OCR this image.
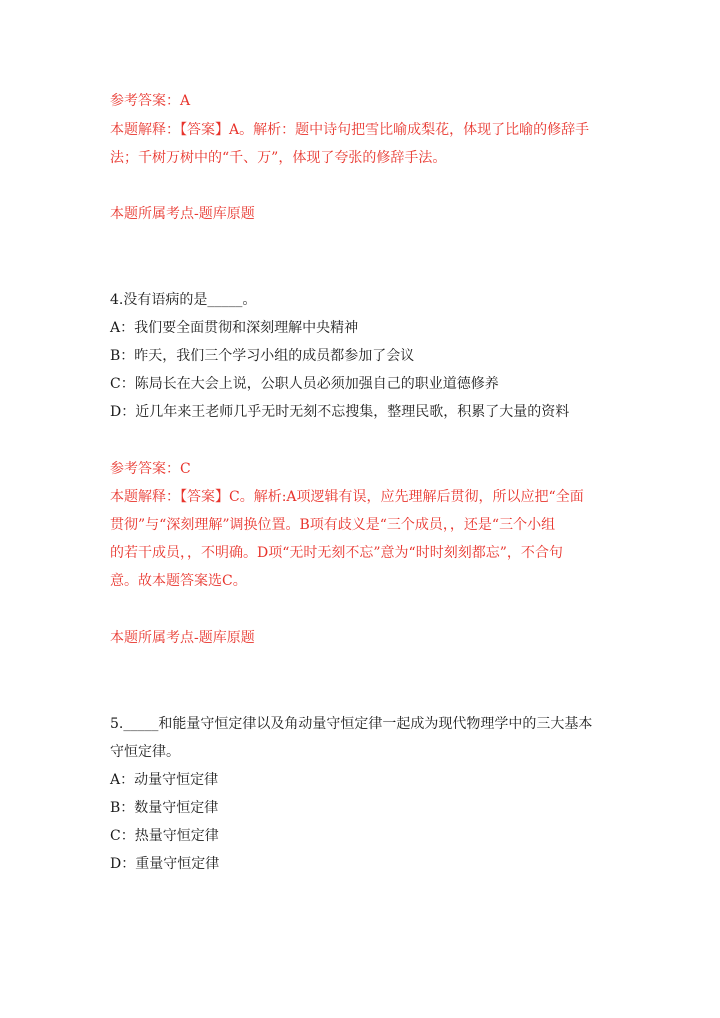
参考答案：A
本题解释：【答案】A。解析：题中诗句把雪比喻成梨花，体现了比喻的修辞手
法；千树万树中的“千、万”，体现了夸张的修辞手法。
本题所属考点-题库原题
4.没有语病的是_____。
A：我们要全面贯彻和深刻理解中央精神
B：昨天，我们三个学习小组的成员都参加了会议
C：陈局长在大会上说，公职人员必须加强自己的职业道德修养
D：近几年来王老师几乎无时无刻不忘搜集，整理民歌，积累了大量的资料
参考答案：C
本题解释：【答案】C。解析:A项逻辑有误，应先理解后贯彻，所以应把“全面
贯彻”与“深刻理解”调换位置。B项有歧义是“三个成员，，还是“三个小组
的若干成员，，不明确。D项“无时无刻不忘”意为“时时刻刻都忘”，不合句
意。故本题答案选C。
本题所属考点-题库原题
5._____和能量守恒定律以及角动量守恒定律一起成为现代物理学中的三大基本
守恒定律。
A：动量守恒定律
B：数量守恒定律
C：热量守恒定律
D：重量守恒定律
